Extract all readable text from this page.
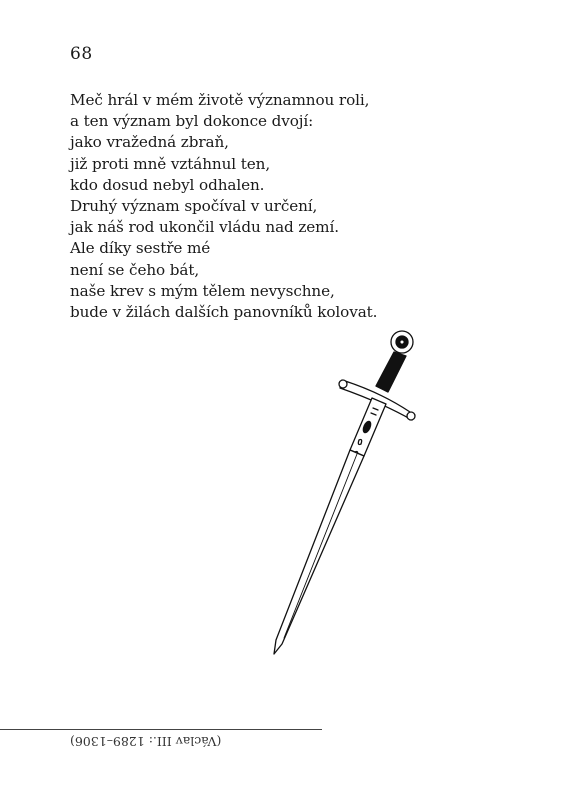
68
Meč hrál v mém životě významnou roli,
a ten význam byl dokonce dvojí:
jako vražedná zbraň,
již proti mně vztáhnul ten,
kdo dosud nebyl odhalen.
Druhý význam spočíval v určení,
jak náš rod ukončil vládu nad zemí.
Ale díky sestře mé
není se čeho bát,
naše krev s mým tělem nevyschne,
bude v žilách dalších panovníků kolovat.
(Václav III.: 1289–1306)
